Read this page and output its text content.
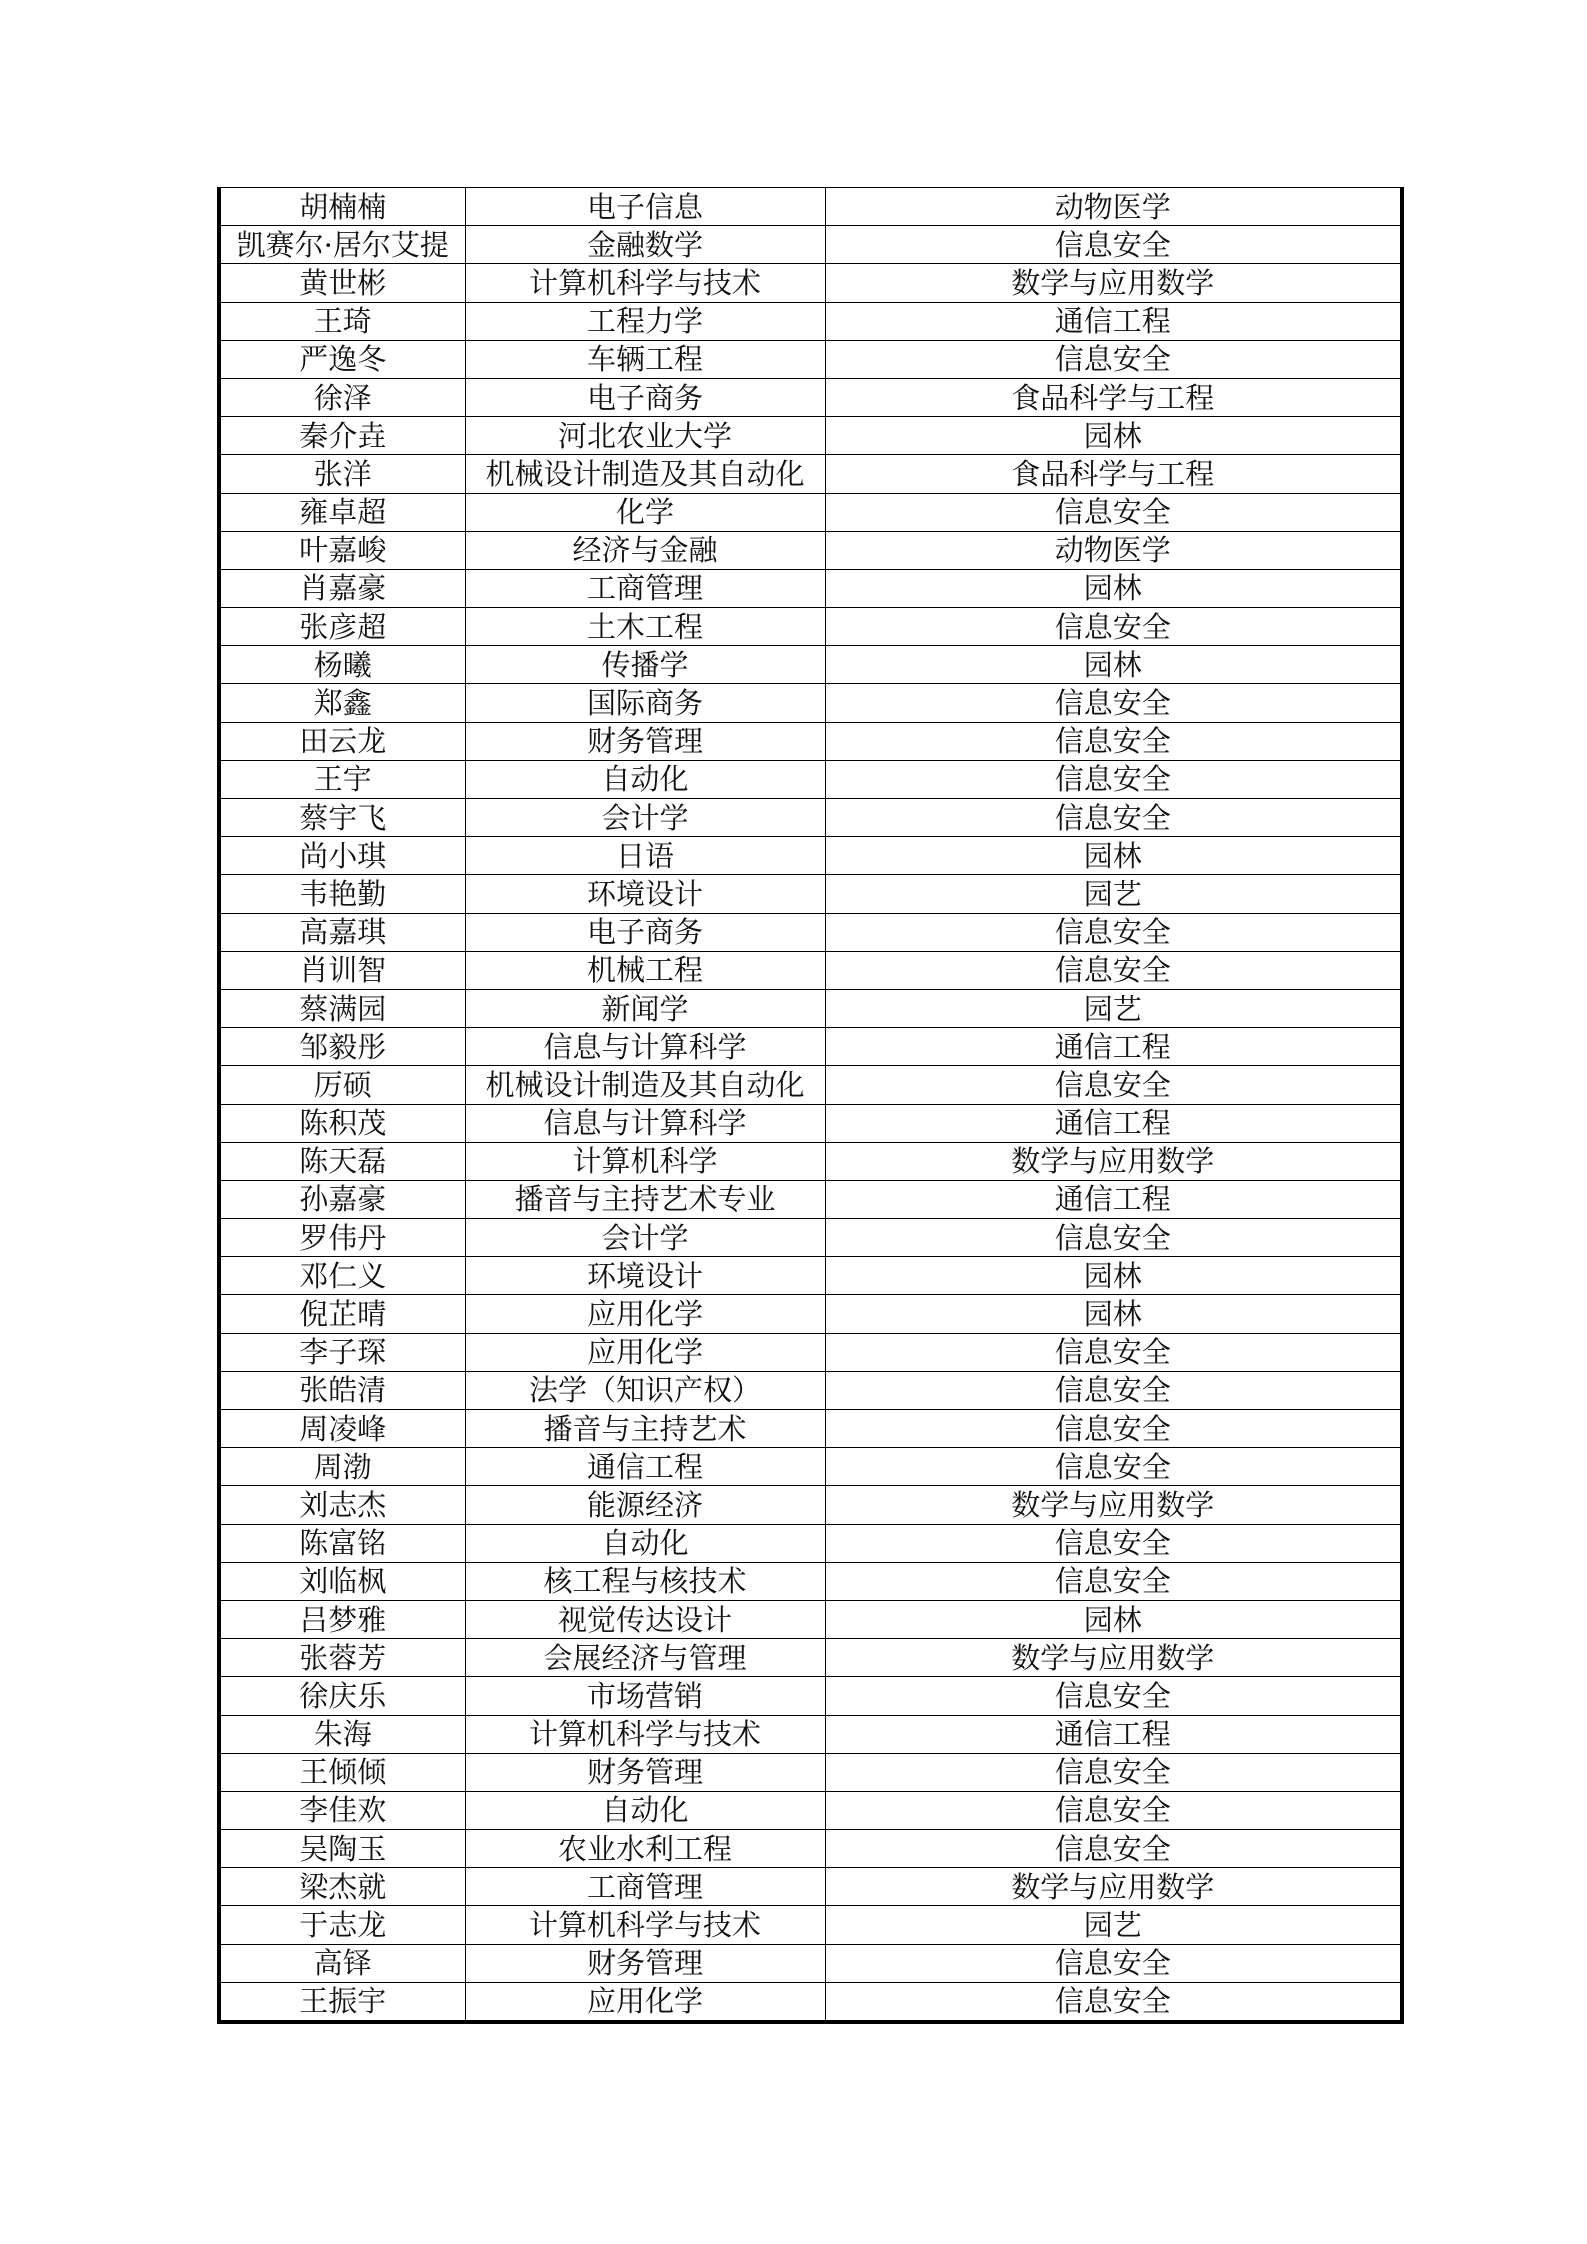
胡楠楠	电子信息	动物医学
凯赛尔·居尔艾提	金融数学	信息安全
黄世彬	计算机科学与技术	数学与应用数学
王琦	工程力学	通信工程
严逸冬	车辆工程	信息安全
徐泽	电子商务	食品科学与工程
秦介垚	河北农业大学	园林
张洋	机械设计制造及其自动化	食品科学与工程
雍卓超	化学	信息安全
叶嘉峻	经济与金融	动物医学
肖嘉豪	工商管理	园林
张彦超	土木工程	信息安全
杨曦	传播学	园林
郑鑫	国际商务	信息安全
田云龙	财务管理	信息安全
王宇	自动化	信息安全
蔡宇飞	会计学	信息安全
尚小琪	日语	园林
韦艳勤	环境设计	园艺
高嘉琪	电子商务	信息安全
肖训智	机械工程	信息安全
蔡满园	新闻学	园艺
邹毅彤	信息与计算科学	通信工程
厉硕	机械设计制造及其自动化	信息安全
陈积茂	信息与计算科学	通信工程
陈天磊	计算机科学	数学与应用数学
孙嘉豪	播音与主持艺术专业	通信工程
罗伟丹	会计学	信息安全
邓仁义	环境设计	园林
倪芷晴	应用化学	园林
李子琛	应用化学	信息安全
张皓清	法学（知识产权）	信息安全
周凌峰	播音与主持艺术	信息安全
周渤	通信工程	信息安全
刘志杰	能源经济	数学与应用数学
陈富铭	自动化	信息安全
刘临枫	核工程与核技术	信息安全
吕梦雅	视觉传达设计	园林
张蓉芳	会展经济与管理	数学与应用数学
徐庆乐	市场营销	信息安全
朱海	计算机科学与技术	通信工程
王倾倾	财务管理	信息安全
李佳欢	自动化	信息安全
吴陶玉	农业水利工程	信息安全
梁杰就	工商管理	数学与应用数学
于志龙	计算机科学与技术	园艺
高铎	财务管理	信息安全
王振宇	应用化学	信息安全
